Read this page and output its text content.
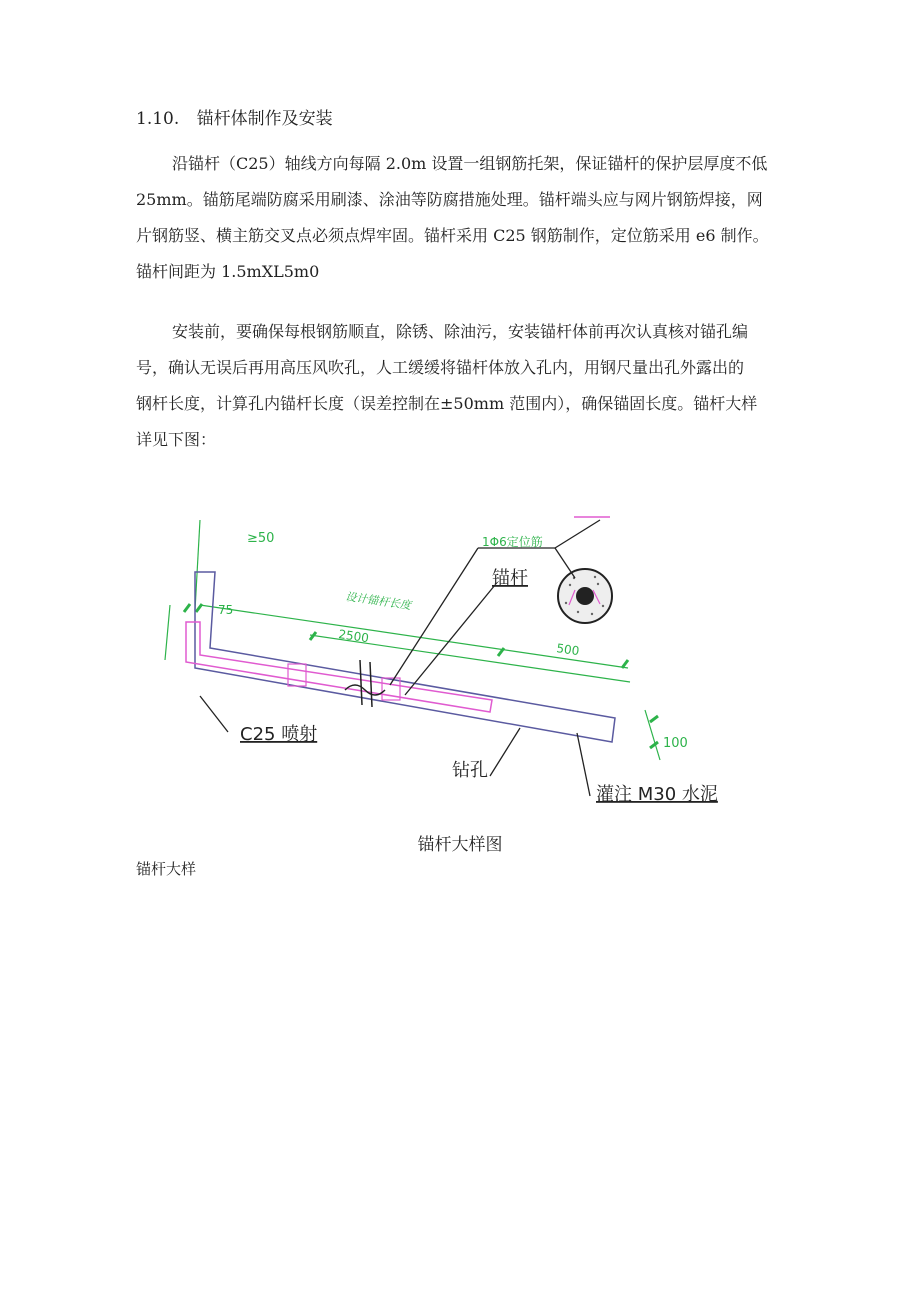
1.10. 锚杆体制作及安装
沿锚杆（C25）轴线方向每隔 2.0m 设置一组钢筋托架，保证锚杆的保护层厚度不低
25mm。锚筋尾端防腐采用刷漆、涂油等防腐措施处理。锚杆端头应与网片钢筋焊接，网
片钢筋竖、横主筋交叉点必须点焊牢固。锚杆采用 C25 钢筋制作，定位筋采用 e6 制作。
锚杆间距为 1.5mXL5m0
安装前，要确保每根钢筋顺直，除锈、除油污，安装锚杆体前再次认真核对锚孔编
号，确认无误后再用高压风吹孔，人工缓缓将锚杆体放入孔内，用钢尺量出孔外露出的
钢杆长度，计算孔内锚杆长度（误差控制在±50mm 范围内），确保锚固长度。锚杆大样
详见下图：
≥50
75	设计锚杆长度
2500
500
100
1Φ6定位筋
锚杆
C25 喷射
钻孔
灌注 M30 水泥
锚杆大样图
锚杆大样
